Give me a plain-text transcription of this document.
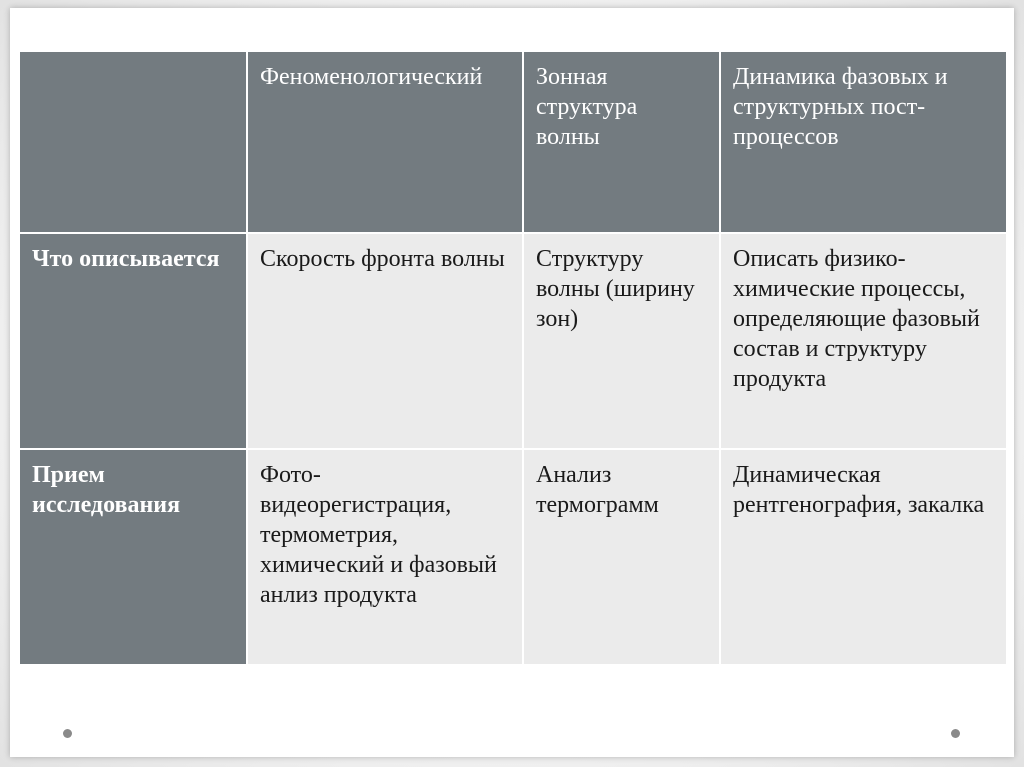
	Феноменологический	Зонная структура волны	Динамика фазовых и структурных пост-процессов
Что описывается	Скорость фронта волны	Структуру волны (ширину зон)	Описать физико-химические процессы, определяющие фазовый состав и структуру продукта
Прием исследования	Фото-видеорегистрация, термометрия, химический и фазовый анлиз продукта	Анализ термограмм	Динамическая рентгенография, закалка
